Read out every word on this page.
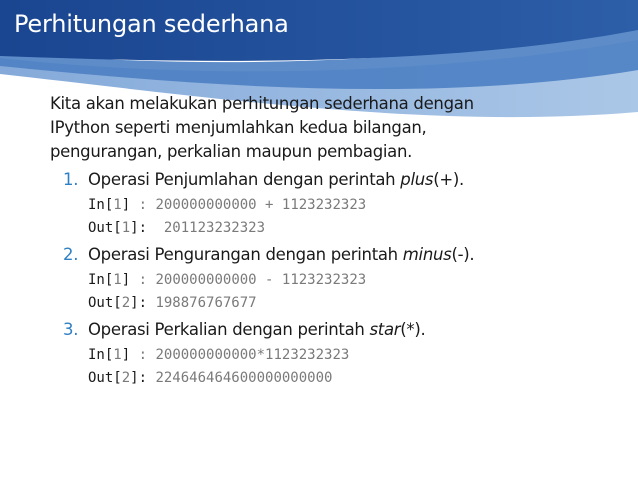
Perhitungan sederhana

Kita akan melakukan perhitungan sederhana dengan
IPython seperti menjumlahkan kedua bilangan,
pengurangan, perkalian maupun pembagian.

1. Operasi Penjumlahan dengan perintah plus(+).
In[1] : 200000000000 + 1123232323
Out[1]:  201123232323
2. Operasi Pengurangan dengan perintah minus(-).
In[1] : 200000000000 - 1123232323
Out[2]: 198876767677
3. Operasi Perkalian dengan perintah star(*).
In[1] : 200000000000*1123232323
Out[2]: 224646464600000000000
